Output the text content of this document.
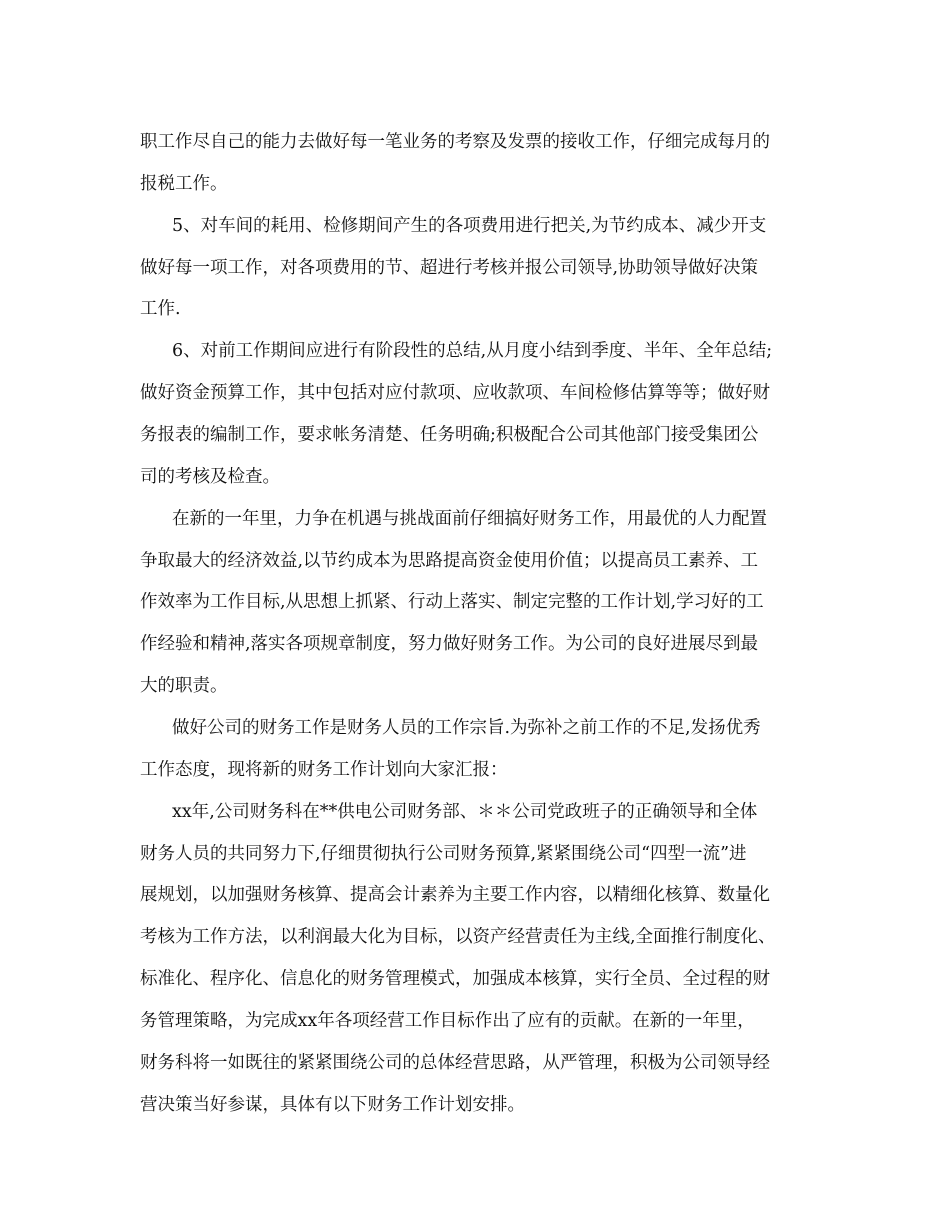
职工作尽自己的能力去做好每一笔业务的考察及发票的接收工作，仔细完成每月的
报税工作。
5、对车间的耗用、检修期间产生的各项费用进行把关,为节约成本、减少开支
做好每一项工作，对各项费用的节、超进行考核并报公司领导,协助领导做好决策
工作.
6、对前工作期间应进行有阶段性的总结,从月度小结到季度、半年、全年总结;
做好资金预算工作，其中包括对应付款项、应收款项、车间检修估算等等；做好财
务报表的编制工作，要求帐务清楚、任务明确;积极配合公司其他部门接受集团公
司的考核及检查。
在新的一年里，力争在机遇与挑战面前仔细搞好财务工作，用最优的人力配置
争取最大的经济效益,以节约成本为思路提高资金使用价值；以提高员工素养、工
作效率为工作目标,从思想上抓紧、行动上落实、制定完整的工作计划,学习好的工
作经验和精神,落实各项规章制度，努力做好财务工作。为公司的良好进展尽到最
大的职责。
做好公司的财务工作是财务人员的工作宗旨.为弥补之前工作的不足,发扬优秀
工作态度，现将新的财务工作计划向大家汇报：
xx年,公司财务科在**供电公司财务部、＊＊公司党政班子的正确领导和全体
财务人员的共同努力下,仔细贯彻执行公司财务预算,紧紧围绕公司“四型一流”进
展规划，以加强财务核算、提高会计素养为主要工作内容，以精细化核算、数量化
考核为工作方法，以利润最大化为目标，以资产经营责任为主线,全面推行制度化、
标准化、程序化、信息化的财务管理模式，加强成本核算，实行全员、全过程的财
务管理策略，为完成xx年各项经营工作目标作出了应有的贡献。在新的一年里，
财务科将一如既往的紧紧围绕公司的总体经营思路，从严管理，积极为公司领导经
营决策当好参谋，具体有以下财务工作计划安排。
